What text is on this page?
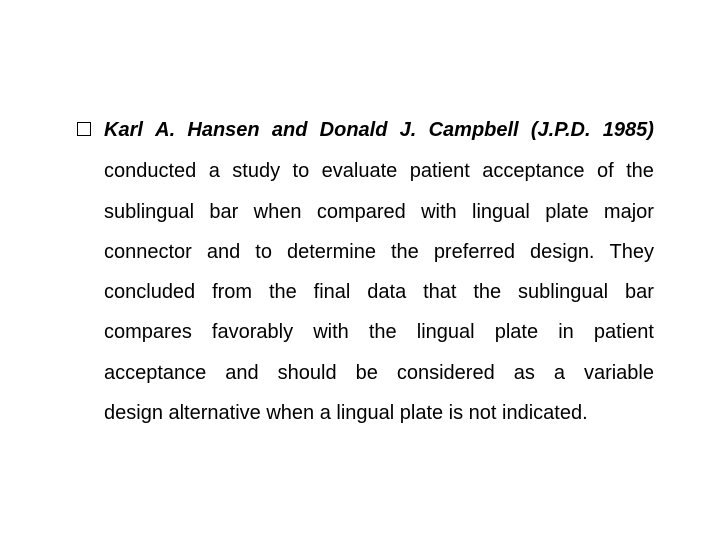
Karl A. Hansen and Donald J. Campbell (J.P.D. 1985)
conducted a study to evaluate patient acceptance of the
sublingual bar when compared with lingual plate major
connector and to determine the preferred design. They
concluded from the final data that the sublingual bar
compares favorably with the lingual plate in patient
acceptance and should be considered as a variable
design alternative when a lingual plate is not indicated.
